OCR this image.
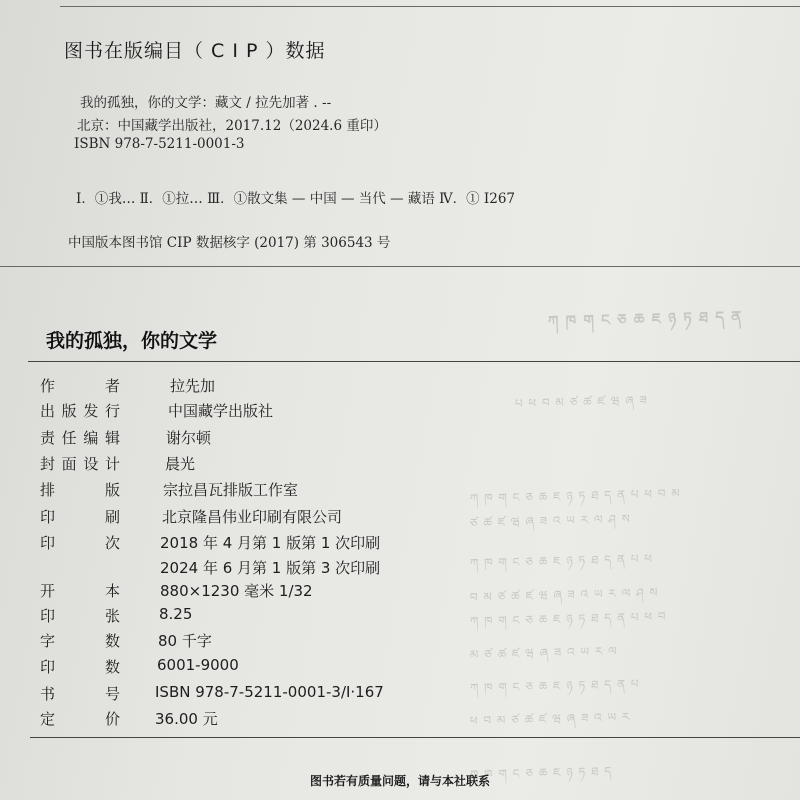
ཀ ཁ ག ང ཅ ཆ ཇ ཉ ཏ ཐ ད ན
པ ཕ བ མ ཙ ཚ ཛ ཝ ཞ ཟ
ཀ ཁ ག ང ཅ ཆ ཇ ཉ ཏ ཐ ད ན པ ཕ བ མ
ཙ ཚ ཛ ཝ ཞ ཟ འ ཡ ར ལ ཤ ས
ཀ ཁ ག ང ཅ ཆ ཇ ཉ ཏ ཐ ད ན པ ཕ
བ མ ཙ ཚ ཛ ཝ ཞ ཟ འ ཡ ར ལ ཤ ས
ཀ ཁ ག ང ཅ ཆ ཇ ཉ ཏ ཐ ད ན པ ཕ བ
མ ཙ ཚ ཛ ཝ ཞ ཟ འ ཡ ར ལ
ཀ ཁ ག ང ཅ ཆ ཇ ཉ ཏ ཐ ད ན པ
ཕ བ མ ཙ ཚ ཛ ཝ ཞ ཟ འ ཡ ར
ཀ ཁ ག ང ཅ ཆ ཇ ཉ ཏ ཐ ད
图书在版编目（ C I P ）数据
我的孤独，你的文学：藏文 / 拉先加著 . --
北京：中国藏学出版社，2017.12（2024.6 重印）
ISBN 978-7-5211-0001-3
Ⅰ．①我… Ⅱ．①拉… Ⅲ．①散文集 — 中国 — 当代 — 藏语 Ⅳ．① I267
中国版本图书馆 CIP 数据核字 (2017) 第 306543 号
我的孤独，你的文学
作者	拉先加
出版发行	中国藏学出版社
责任编辑	谢尔顿
封面设计	晨光
排版	宗拉昌瓦排版工作室
印刷	北京隆昌伟业印刷有限公司
印次	2018 年 4 月第 1 版第 1 次印刷
2024 年 6 月第 1 版第 3 次印刷
开本	880×1230 毫米 1/32
印张	8.25
字数	80 千字
印数 6001-9000
书号 ISBN 978-7-5211-0001-3/I·167
定价 36.00 元
图书若有质量问题，请与本社联系
